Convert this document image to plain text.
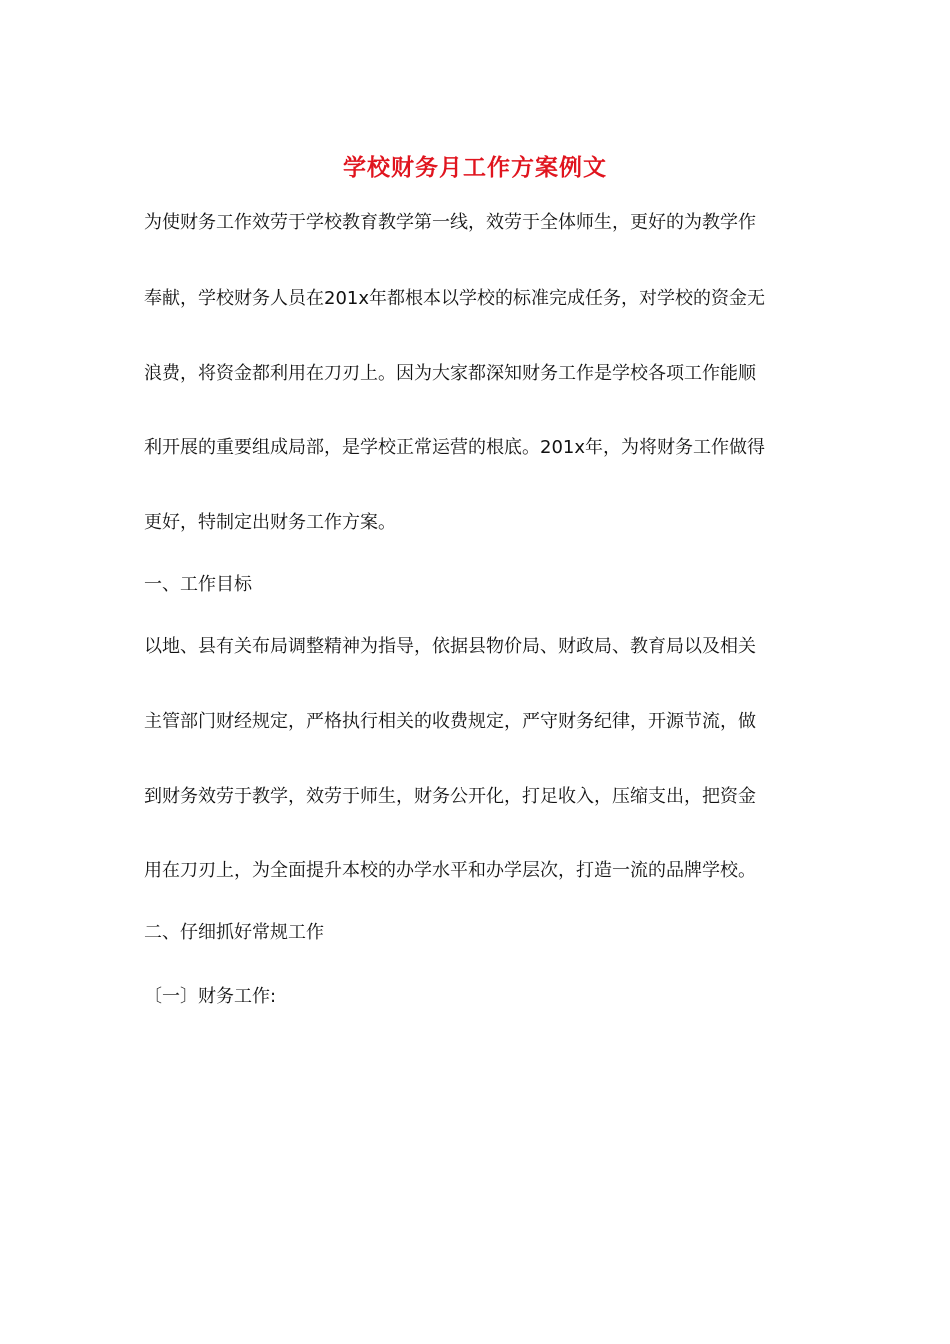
学校财务月工作方案例文
为使财务工作效劳于学校教育教学第一线，效劳于全体师生，更好的为教学作
奉献，学校财务人员在201x年都根本以学校的标准完成任务，对学校的资金无
浪费，将资金都利用在刀刃上。因为大家都深知财务工作是学校各项工作能顺
利开展的重要组成局部，是学校正常运营的根底。201x年，为将财务工作做得
更好，特制定出财务工作方案。
一、工作目标
以地、县有关布局调整精神为指导，依据县物价局、财政局、教育局以及相关
主管部门财经规定，严格执行相关的收费规定，严守财务纪律，开源节流，做
到财务效劳于教学，效劳于师生，财务公开化，打足收入，压缩支出，把资金
用在刀刃上，为全面提升本校的办学水平和办学层次，打造一流的品牌学校。
二、仔细抓好常规工作
〔一〕财务工作:
